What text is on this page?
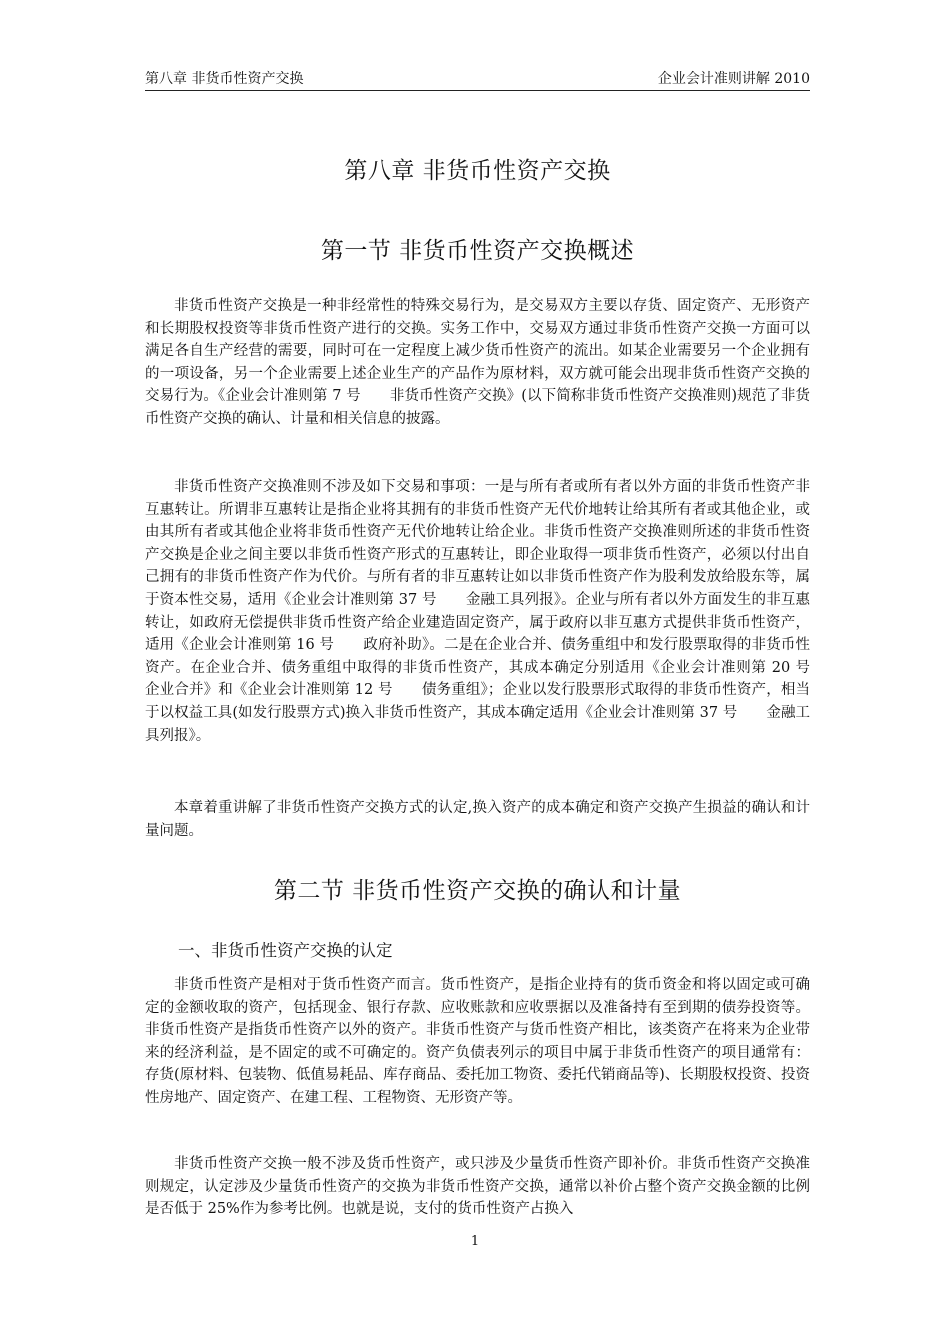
第八章 非货币性资产交换	企业会计准则讲解 2010
第八章 非货币性资产交换
第一节 非货币性资产交换概述

非货币性资产交换是一种非经常性的特殊交易行为，是交易双方主要以存货、固定资产、无形资产和长期股权投资等非货币性资产进行的交换。实务工作中，交易双方通过非货币性资产交换一方面可以满足各自生产经营的需要，同时可在一定程度上减少货币性资产的流出。如某企业需要另一个企业拥有的一项设备，另一个企业需要上述企业生产的产品作为原材料，双方就可能会出现非货币性资产交换的交易行为。《企业会计准则第 7 号　　非货币性资产交换》(以下简称非货币性资产交换准则)规范了非货币性资产交换的确认、计量和相关信息的披露。

非货币性资产交换准则不涉及如下交易和事项：一是与所有者或所有者以外方面的非货币性资产非互惠转让。所谓非互惠转让是指企业将其拥有的非货币性资产无代价地转让给其所有者或其他企业，或由其所有者或其他企业将非货币性资产无代价地转让给企业。非货币性资产交换准则所述的非货币性资产交换是企业之间主要以非货币性资产形式的互惠转让，即企业取得一项非货币性资产，必须以付出自己拥有的非货币性资产作为代价。与所有者的非互惠转让如以非货币性资产作为股利发放给股东等，属于资本性交易，适用《企业会计准则第 37 号　　金融工具列报》。企业与所有者以外方面发生的非互惠转让，如政府无偿提供非货币性资产给企业建造固定资产，属于政府以非互惠方式提供非货币性资产，适用《企业会计准则第 16 号　　政府补助》。二是在企业合并、债务重组中和发行股票取得的非货币性资产。在企业合并、债务重组中取得的非货币性资产，其成本确定分别适用《企业会计准则第 20 号　　企业合并》和《企业会计准则第 12 号　　债务重组》；企业以发行股票形式取得的非货币性资产，相当于以权益工具(如发行股票方式)换入非货币性资产，其成本确定适用《企业会计准则第 37 号　　金融工具列报》。

本章着重讲解了非货币性资产交换方式的认定,换入资产的成本确定和资产交换产生损益的确认和计量问题。

第二节 非货币性资产交换的确认和计量
一、非货币性资产交换的认定

非货币性资产是相对于货币性资产而言。货币性资产，是指企业持有的货币资金和将以固定或可确定的金额收取的资产，包括现金、银行存款、应收账款和应收票据以及准备持有至到期的债券投资等。非货币性资产是指货币性资产以外的资产。非货币性资产与货币性资产相比，该类资产在将来为企业带来的经济利益，是不固定的或不可确定的。资产负债表列示的项目中属于非货币性资产的项目通常有：存货(原材料、包装物、低值易耗品、库存商品、委托加工物资、委托代销商品等)、长期股权投资、投资性房地产、固定资产、在建工程、工程物资、无形资产等。

非货币性资产交换一般不涉及货币性资产，或只涉及少量货币性资产即补价。非货币性资产交换准则规定，认定涉及少量货币性资产的交换为非货币性资产交换，通常以补价占整个资产交换金额的比例是否低于 25%作为参考比例。也就是说，支付的货币性资产占换入

1
